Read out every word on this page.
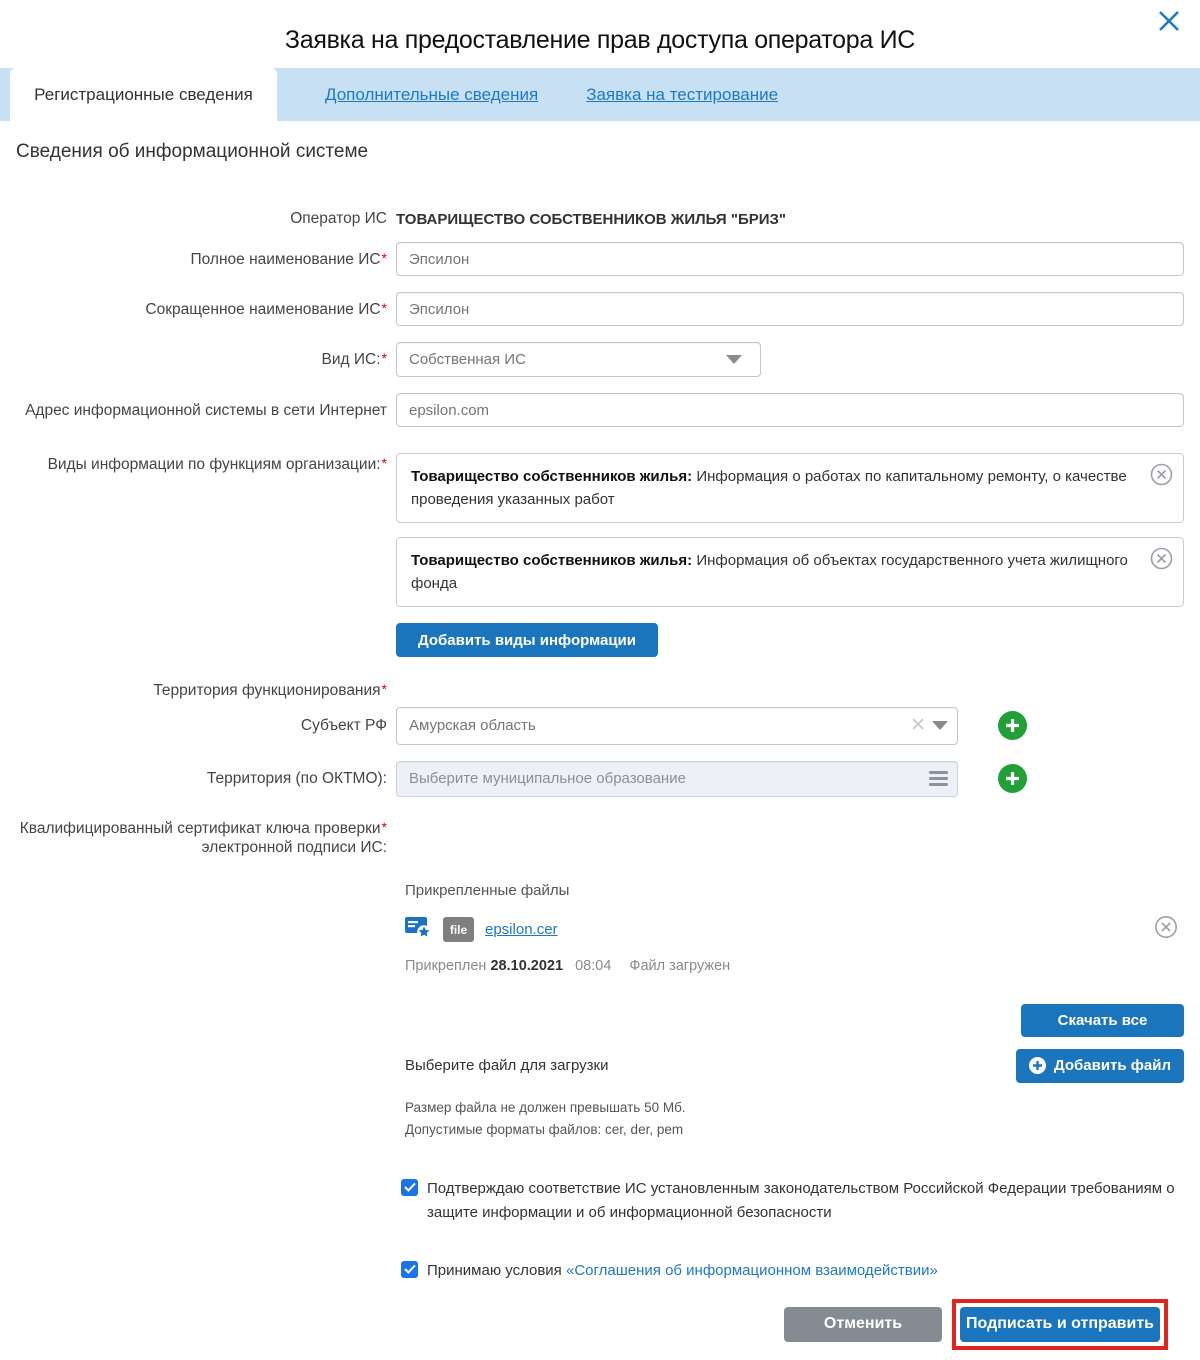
Заявка на предоставление прав доступа оператора ИС
Регистрационные сведения	Дополнительные сведения	Заявка на тестирование
Сведения об информационной системе
Оператор ИС ТОВАРИЩЕСТВО СОБСТВЕННИКОВ ЖИЛЬЯ "БРИЗ"
Полное наименование ИС*
Эпсилон
Сокращенное наименование ИС*
Эпсилон
Вид ИС:*	Собственная ИС
Адрес информационной системы в сети Интернет
epsilon.com
Виды информации по функциям организации:*
Товарищество собственников жилья: Информация о работах по капитальному ремонту, о качестве проведения указанных работ
Товарищество собственников жилья: Информация об объектах государственного учета жилищного фонда
Добавить виды информации
Территория функционирования*
Субъект РФ
Амурская область	✕
Территория (по ОКТМО):
Выберите муниципальное образование
Квалифицированный сертификат ключа проверки*
электронной подписи ИС:
Прикрепленные файлы
file	epsilon.cer
Прикреплен 28.10.2021 08:04 Файл загружен
Скачать все
Выберите файл для загрузки	Добавить файл
Размер файла не должен превышать 50 Мб.
Допустимые форматы файлов: cer, der, pem
Подтверждаю соответствие ИС установленным законодательством Российской Федерации требованиям о защите информации и об информационной безопасности
Принимаю условия «Соглашения об информационном взаимодействии»
Отменить	Подписать и отправить
